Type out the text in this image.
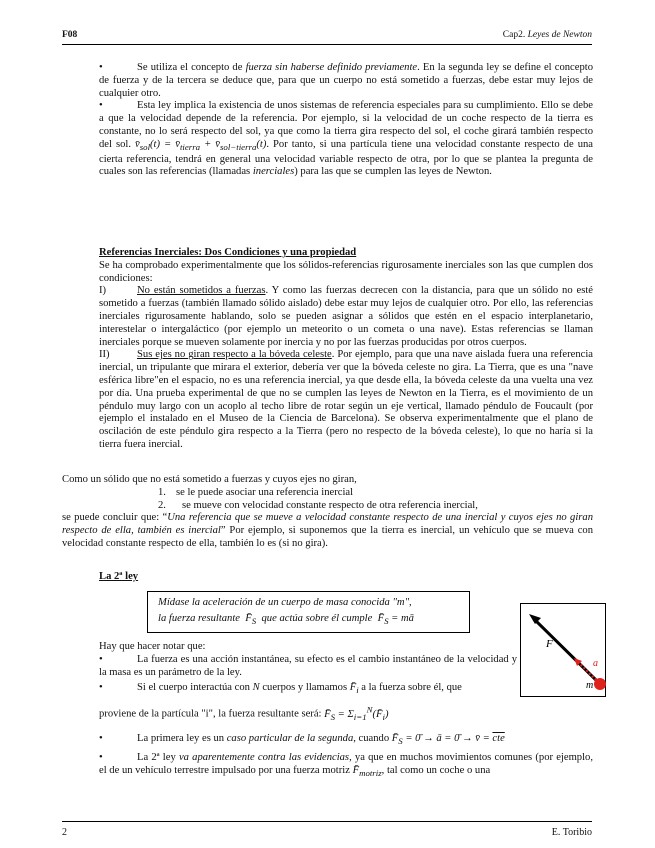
F08	Cap2. Leyes de Newton

•	Se utiliza el concepto de fuerza sin haberse definido previamente. En la segunda ley se define el concepto de fuerza y de la tercera se deduce que, para que un cuerpo no está sometido a fuerzas, debe estar muy lejos de cualquier otro.

•	Esta ley implica la existencia de unos sistemas de referencia especiales para su cumplimiento. Ello se debe a que la velocidad depende de la referencia. Por ejemplo, si la velocidad de un coche respecto de la tierra es constante, no lo será respecto del sol, ya que como la tierra gira respecto del sol, el coche girará también respecto del sol. $v̄_{sol}(t)$ = $v̄_{tierra}$ + $v̄_{sol-tierra}(t)$. Por tanto, si una partícula tiene una velocidad constante respecto de una cierta referencia, tendrá en general una velocidad variable respecto de otra, por lo que se plantea la pregunta de cuales son las referencias (llamadas inerciales) para las que se cumplen las leyes de Newton.

Referencias Inerciales: Dos Condiciones y una propiedad

Se ha comprobado experimentalmente que los sólidos-referencias rigurosamente inerciales son las que cumplen dos condiciones:

I)	No están sometidos a fuerzas. Y como las fuerzas decrecen con la distancia, para que un sólido no esté sometido a fuerzas (también llamado sólido aislado) debe estar muy lejos de cualquier otro. Por ello, las referencias inerciales rigurosamente hablando, solo se pueden asignar a sólidos que estén en el espacio interplanetario, interestelar o intergaláctico (por ejemplo un meteorito o un cometa o una nave). Estas referencias se llaman inerciales porque se mueven solamente por inercia y no por las fuerzas producidas por otros cuerpos.

II)	Sus ejes no giran respecto a la bóveda celeste. Por ejemplo, para que una nave aislada fuera una referencia inercial, un tripulante que mirara el exterior, debería ver que la bóveda celeste no gira. La Tierra, que es una "nave esférica libre"en el espacio, no es una referencia inercial, ya que desde ella, la bóveda celeste da una vuelta una vez por día. Una prueba experimental de que no se cumplen las leyes de Newton en la Tierra, es el movimiento de un péndulo muy largo con un acoplo al techo libre de rotar según un eje vertical, llamado péndulo de Foucault (por ejemplo el instalado en el Museo de la Ciencia de Barcelona). Se observa experimentalmente que el plano de oscilación de este péndulo gira respecto a la Tierra (pero no respecto de la bóveda celeste), lo que no haría si la tierra fuera inercial.

Como un sólido que no está sometido a fuerzas y cuyos ejes no giran,

1. se le puede asociar una referencia inercial

2. se mueve con velocidad constante respecto de otra referencia inercial,

se puede concluir que: “Una referencia que se mueve a velocidad constante respecto de una inercial y cuyos ejes no giran respecto de ella, también es inercial” Por ejemplo, si suponemos que la tierra es inercial, un vehículo que se mueva con velocidad constante respecto de ella, también lo es (si no gira).

La 2ª ley

Mídase la aceleración de un cuerpo de masa conocida "m",
la fuerza resultante $F̄_S$ que actúa sobre él cumple $F̄_S$ = mā
F
a
m

Hay que hacer notar que:

•	La fuerza es una acción instantánea, su efecto es el cambio instantáneo de la velocidad y la masa es un parámetro de la ley.

•	Si el cuerpo interactúa con N cuerpos y llamamos $F̄_i$ a la fuerza sobre él, que

proviene de la partícula "i", la fuerza resultante será: $F̄_S$ = $\Sigma_{i=1}^N(F̄_i)$

•	La primera ley es un caso particular de la segunda, cuando $F̄_S$ = 0̄ → ā = 0̄ → v̄ = $\overline{cte}$

•	La 2ª ley va aparentemente contra las evidencias, ya que en muchos movimientos comunes (por ejemplo, el de un vehículo terrestre impulsado por una fuerza motriz $F̄_{motriz}$, tal como un coche o una

2	E. Toribio
